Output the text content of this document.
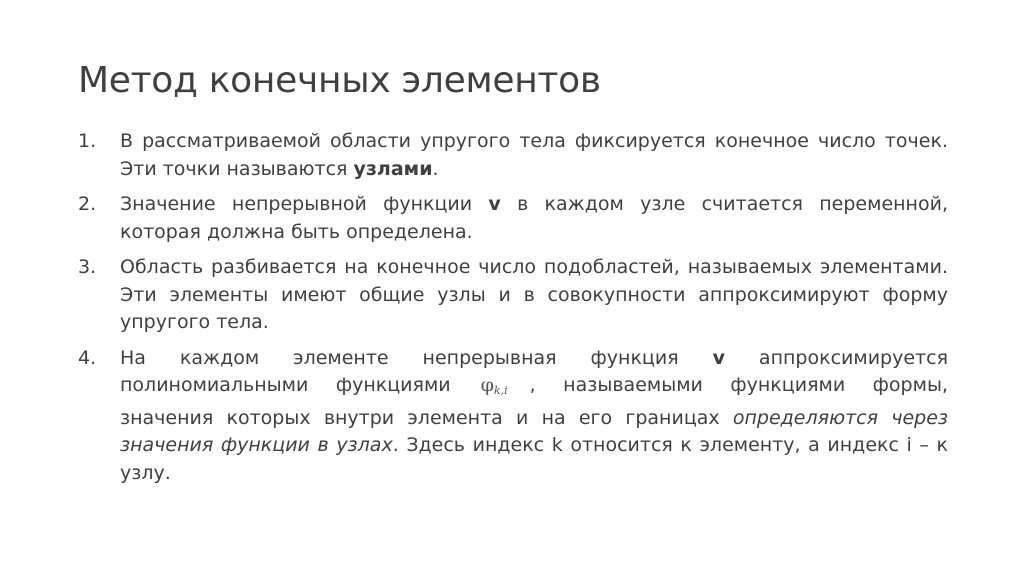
Метод конечных элементов
1.	В рассматриваемой области упругого тела фиксируется конечное число точек. Эти точки называются узлами.
2.	Значение непрерывной функции v в каждом узле считается переменной, которая должна быть определена.
3.	Область разбивается на конечное число подобластей, называемых элементами. Эти элементы имеют общие узлы и в совокупности аппроксимируют форму упругого тела.
4.	На каждом элементе непрерывная функция v аппроксимируется полиномиальными функциями $\varphi_{k,i}$ , называемыми функциями формы, значения которых внутри элемента и на его границах определяются через значения функции в узлах. Здесь индекс k относится к элементу, а индекс i – к узлу.
